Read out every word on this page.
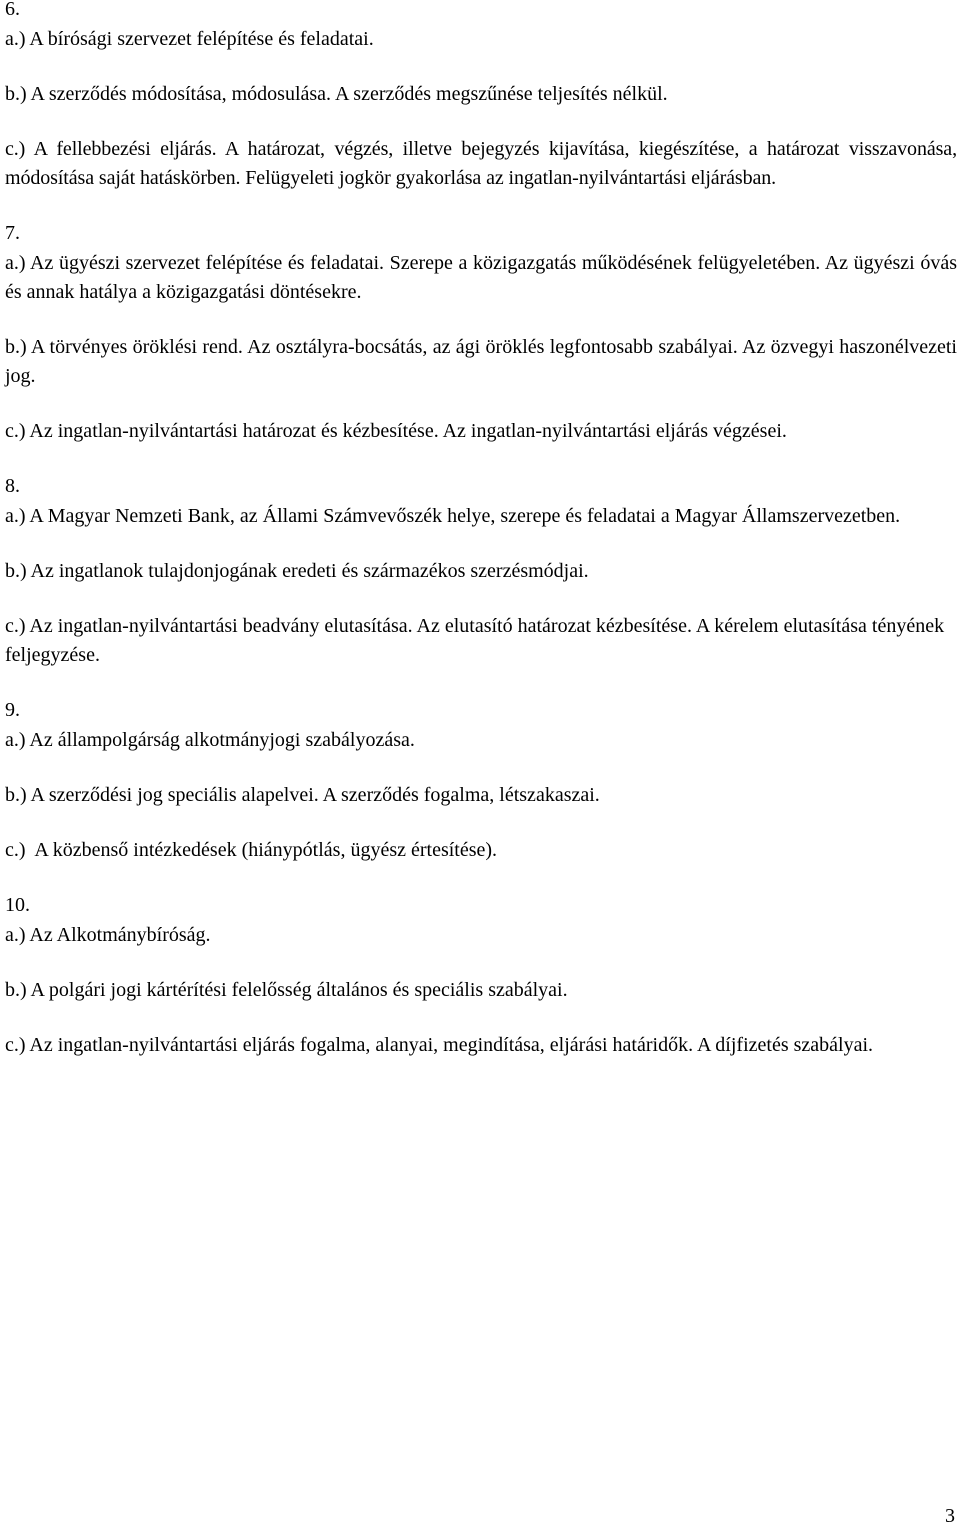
6.

a.) A bírósági szervezet felépítése és feladatai.

b.) A szerződés módosítása, módosulása. A szerződés megszűnése teljesítés nélkül.

c.) A fellebbezési eljárás. A határozat, végzés, illetve bejegyzés kijavítása, kiegészítése, a határozat visszavonása, módosítása saját hatáskörben. Felügyeleti jogkör gyakorlása az ingatlan-nyilvántartási eljárásban.

7.

a.) Az ügyészi szervezet felépítése és feladatai. Szerepe a közigazgatás működésének felügyeletében. Az ügyészi óvás és annak hatálya a közigazgatási döntésekre.

b.) A törvényes öröklési rend. Az osztályra-bocsátás, az ági öröklés legfontosabb szabályai. Az özvegyi haszonélvezeti jog.

c.) Az ingatlan-nyilvántartási határozat és kézbesítése. Az ingatlan-nyilvántartási eljárás végzései.

8.

a.) A Magyar Nemzeti Bank, az Állami Számvevőszék helye, szerepe és feladatai a Magyar Államszervezetben.

b.) Az ingatlanok tulajdonjogának eredeti és származékos szerzésmódjai.

c.) Az ingatlan-nyilvántartási beadvány elutasítása. Az elutasító határozat kézbesítése. A kérelem elutasítása tényének feljegyzése.

9.

a.) Az állampolgárság alkotmányjogi szabályozása.

b.) A szerződési jog speciális alapelvei. A szerződés fogalma, létszakaszai.

c.)  A közbenső intézkedések (hiánypótlás, ügyész értesítése).

10.

a.) Az Alkotmánybíróság.

b.) A polgári jogi kártérítési felelősség általános és speciális szabályai.

c.) Az ingatlan-nyilvántartási eljárás fogalma, alanyai, megindítása, eljárási határidők. A díjfizetés szabályai.

3
